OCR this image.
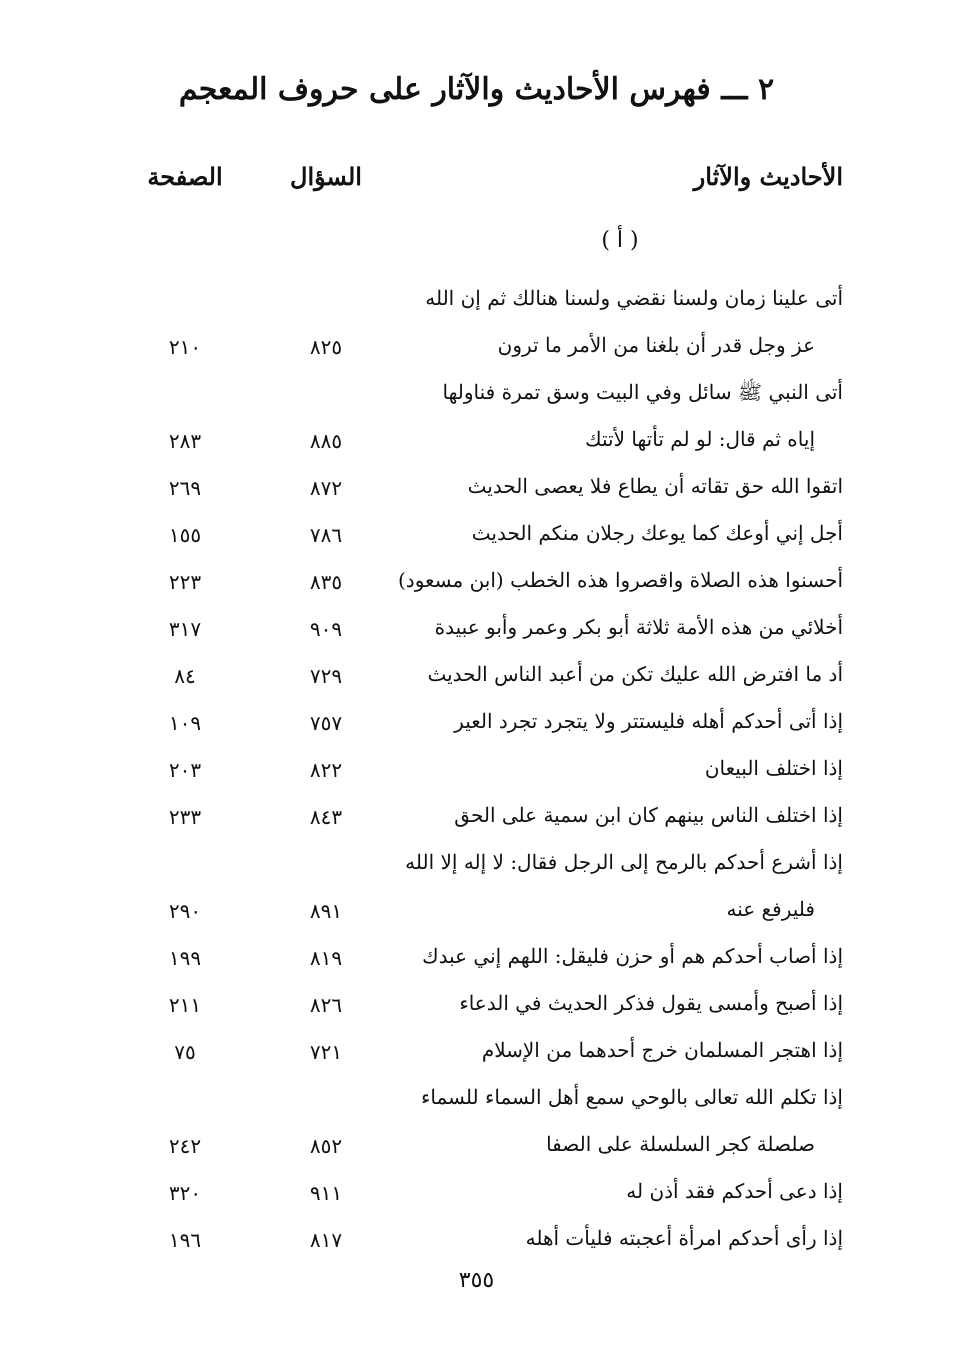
٢ ـــ فهرس الأحاديث والآثار على حروف المعجم
الأحاديث والآثار
السؤال
الصفحة
( أ )
أتى علينا زمان ولسنا نقضي ولسنا هنالك ثم إن الله
عز وجل قدر أن بلغنا من الأمر ما ترون
٨٢٥
٢١٠
أتى النبي ﷺ سائل وفي البيت وسق تمرة فناولها
إياه ثم قال: لو لم تأتها لأتتك
٨٨٥
٢٨٣
اتقوا الله حق تقاته أن يطاع فلا يعصى الحديث
٨٧٢
٢٦٩
أجل إني أوعك كما يوعك رجلان منكم الحديث
٧٨٦
١٥٥
أحسنوا هذه الصلاة واقصروا هذه الخطب (ابن مسعود)
٨٣٥
٢٢٣
أخلائي من هذه الأمة ثلاثة أبو بكر وعمر وأبو عبيدة
٩٠٩
٣١٧
أد ما افترض الله عليك تكن من أعبد الناس الحديث
٧٢٩
٨٤
إذا أتى أحدكم أهله فليستتر ولا يتجرد تجرد العير
٧٥٧
١٠٩
إذا اختلف البيعان
٨٢٢
٢٠٣
إذا اختلف الناس بينهم كان ابن سمية على الحق
٨٤٣
٢٣٣
إذا أشرع أحدكم بالرمح إلى الرجل فقال: لا إله إلا الله
فليرفع عنه
٨٩١
٢٩٠
إذا أصاب أحدكم هم أو حزن فليقل: اللهم إني عبدك
٨١٩
١٩٩
إذا أصبح وأمسى يقول فذكر الحديث في الدعاء
٨٢٦
٢١١
إذا اهتجر المسلمان خرج أحدهما من الإسلام
٧٢١
٧٥
إذا تكلم الله تعالى بالوحي سمع أهل السماء للسماء
صلصلة كجر السلسلة على الصفا
٨٥٢
٢٤٢
إذا دعى أحدكم فقد أذن له
٩١١
٣٢٠
إذا رأى أحدكم امرأة أعجبته فليأت أهله
٨١٧
١٩٦
٣٥٥
